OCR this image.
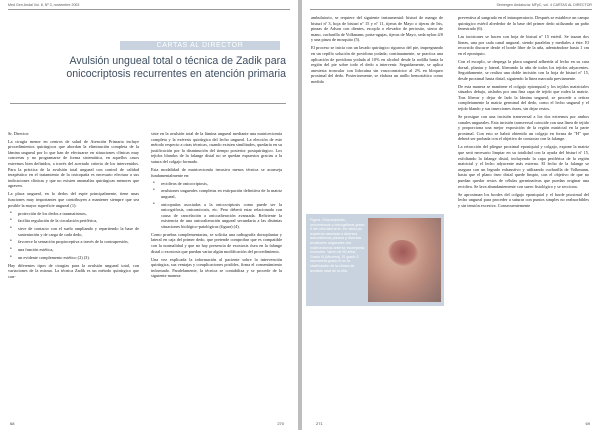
Med Gen Andal Vol. 8, Nº 3, noviembre 2003
CARTAS AL DIRECTOR
Avulsión ungueal total o técnica de Zadik para onicocriptosis recurrentes en atención primaria

Sr. Director:

La cirugía menor en centros de salud de Atención Primaria incluye procedimientos quirúrgicos que abordan la eliminación completa de la lámina ungueal por lo que han de efectuarse en situaciones clínicas muy concretas y no programarse de forma sistemática, en aquellos casos extremos bien definidos, a través del acertado criterio de los intervenidos. Para la práctica de la avulsión total ungueal con control de calidad terapéutico en el tratamiento de la onicopatía es necesario efectuar a sus indicaciones clínicas y que no existen anomalías quirúrgicas menores que agraven.

La placa ungueal, en lo dedos del espie principalmente, tiene unas funciones muy importantes que contribuyen a mantener siempre que sea posible la mayor superficie ungueal (1):

• protección de los dedos a traumatismos,
• facilita regulación de la circulación periférica,
• sirve de contacto con el suelo ampliando y repartiendo la base de sustentación y de carga de cada dedo,
• favorece la sensación propioceptiva a través de la contrapresión,
• una función estética,
• un evidente complemento estético (2) (3).

Hay diferentes tipos de cirugías para la avulsión ungueal total, con variaciones de la misma. La técnica Zadik es un método quirúrgico que con-

siste en la avulsión total de la lámina ungueal mediante una matricectomía completa y la exéresis quirúrgica del lecho ungueal. La elección de este método respecto a otras técnicas, cuando existen similitudes, quedaría en su justificación por la disminución del tiempo posterior postquirúrgico. Los tejidos blandos de la falange distal no se quedan expuestos gracias a la sutura del colgajo formado.

Esta modalidad de matricectomía invasiva menos técnica se aconseja fundamentalmente en:

• recidivas de onicocriptosis,
• avulsiones ungueales completas en extirpación definitiva de la matriz ungueal,
• onicopatías asociadas a la onicocriptosis como puede ser la onicogrifosis, onicomicosis, etc. Pero deberá estar relacionada con causa de cancelación a onicoalteración avanzada. Refiriente la existencia de una onicoalteración ungueal secundaria a las distintas situaciones biológico-patológicas (figura) (4).

Como pruebas complementarias, se solicita una radiografía dorsoplantar y lateral en caja del primer dedo, que pretende comprobar que es compatible con la normalidad y que no hay presencia de exostosis ósea en la falange distal o exostosis que puedan variar algún modificación del procedimiento.

Una vez explicada la información al paciente sobre la intervención quirúrgica, sus ventajas y complicaciones posibles, firma el consentimiento informado. Paralelamente, la técnica se contabiliza y se procede de la siguiente manera:

68	270
Semergen Andalucía: MFyC, vol. 4 CARTAS AL DIRECTOR

ambulatorio, se requiere del siguiente instrumental: bisturí de mango de bisturí nº 3, hoja de bisturí nº 15 y nº 11, tijeras de Mayo o tijeras de Iris, pinzas de Adson con dientes, escoplo o elevador de periostio, sierra de mano, cucharilla de Volkmann, porta-agujas, tijeras de Mayo, seda nylon 4/0 y una pinza de mosquito (5).

El proceso se inicia con un lavado quirúrgico riguroso del pie, impregnando en un cepillo solución de povidona yodada; continuamente, se practica una aplicación de povidona yodada al 10% en alcohol desde la rodilla hasta la región del pie sobre todo el dedo a intervenir. Seguidamente, se aplica anestesia troncular con lidocaína sin vasoconstrictor al 2% en bloqueo proximal del dedo. Posteriormente, se elabora un anillo hemostático como medida

Figura. Onicocriptosis, onicomicosis y onicogrifosis grado 3 del uñal lateral en 1er dedo pie izquierdo asociada a diversos traumatismos previos y diversas avulsiones ungueales con matricectomía anterior incompleta, evolución. Varón de 50 años. Grado III (Mozena). El grado 3 representa grado III en la clasificación de la clínica de avulsión total de la uña.

preventiva al sangrado en el intraoperatorio. Después se establece un campo quirúrgico estéril alrededor de la base del primer dedo utilizando un paño fenestrado (6).

Las incisiones se hacen con hoja de bisturí nº 15 estéril. Se trazan dos líneas, una por cada canal ungueal, siendo paralelas y mediales a éste. El recorrido discurre desde el borde libre de la uña, adentrándose hasta 1 cm en el eponiquio.

Con el escoplo, se despega la placa ungueal adherida al lecho en su cara dorsal, plantar y lateral, liberando la uña de todos los tejidos adyacentes. Seguidamente, se realiza una doble incisión con la hoja de bisturí nº 15, desde proximal hasta distal, siguiendo la línea marcada previamente.

De esta manera se mantiene el colgajo epionquial y los tejidos matriciales situados debajo, aislados por una fina capa de tejido que rodea la matriz. Tras liberar y dejar de lado la lámina ungueal, se procede a retirar completamente la matriz germinal del dedo, como el lecho ungueal y el tejido blando y sus inserciones óseas, sin dejar restos.

Se prosigue con una incisión transversal a los dos extremos por ambos canales ungueales. Esta incisión transversal coincide con una línea de tejido y proporciona una mejor exposición de la región matricial en la parte proximal. Con esto se habrá obtenido un colgajo en forma de "H" que deberá ser probada con el objetivo de contactar con la falange.

La retracción del pliegue proximal eponiquial y colgajo, expone la matriz que será necesario limpiar en su totalidad con la ayuda del bisturí nº 15, exfoliando la falange distal, incluyendo la capa periférica de la región matricial y el lecho adyacente más externo. El lecho de la falange se asegura con un legrado exhaustivo y utilizando cucharilla de Volkmann, hasta que el plano óseo distal quede limpio, con el objetivo de que no puedan quedar restos de células germinativas que puedan originar una recidiva. Se lava abundantemente con suero fisiológico y se secciona.

Se aproximan los bordes del colgajo eponiquial y el borde proximal del lecho ungueal para proceder a suturar con puntos simples no reabsorbibles y sin tensión excesiva. Consecuentemente

271	69
